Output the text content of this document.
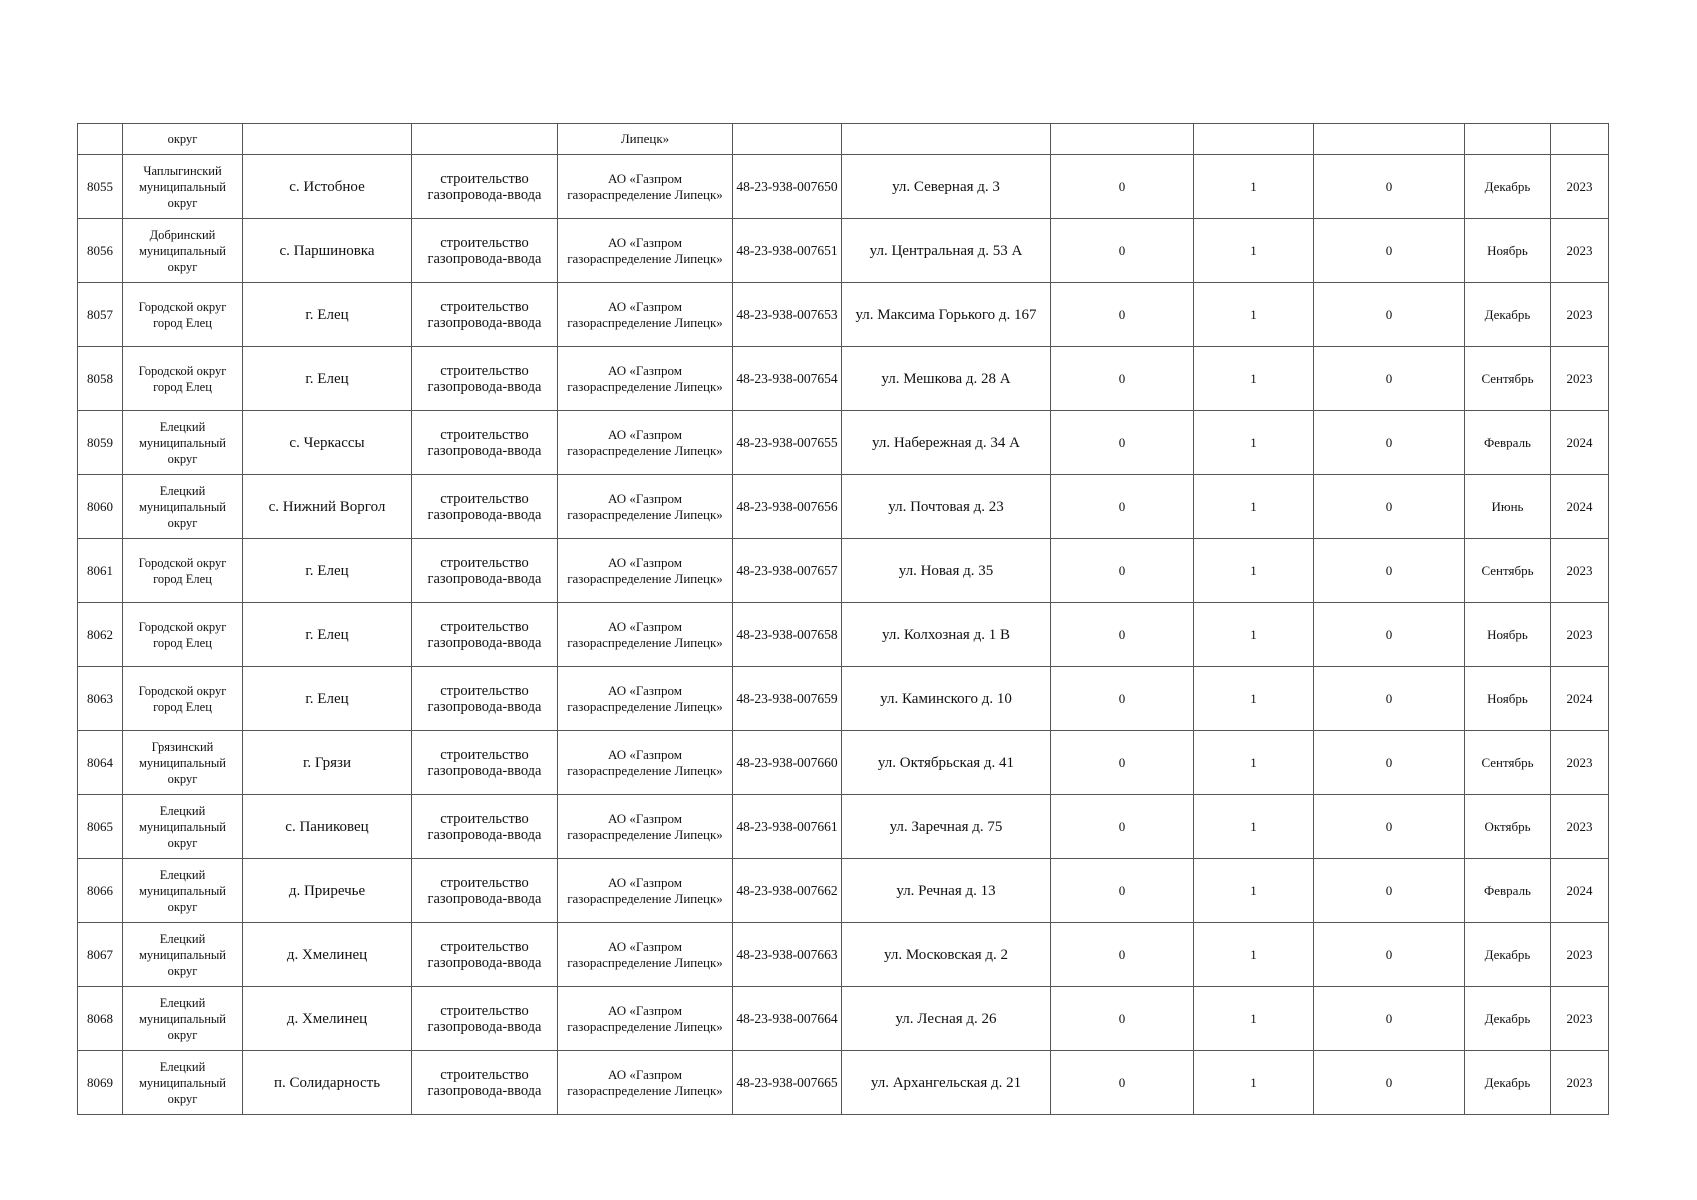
	округ			Липецк»							
8055	Чаплыгинский муниципальный округ	с. Истобное	строительство газопровода-ввода	АО «Газпром газораспределение Липецк»	48-23-938-007650	ул. Северная д. 3	0	1	0	Декабрь	2023
8056	Добринский муниципальный округ	с. Паршиновка	строительство газопровода-ввода	АО «Газпром газораспределение Липецк»	48-23-938-007651	ул. Центральная д. 53 А	0	1	0	Ноябрь	2023
8057	Городской округ город Елец	г. Елец	строительство газопровода-ввода	АО «Газпром газораспределение Липецк»	48-23-938-007653	ул. Максима Горького д. 167	0	1	0	Декабрь	2023
8058	Городской округ город Елец	г. Елец	строительство газопровода-ввода	АО «Газпром газораспределение Липецк»	48-23-938-007654	ул. Мешкова д. 28 А	0	1	0	Сентябрь	2023
8059	Елецкий муниципальный округ	с. Черкассы	строительство газопровода-ввода	АО «Газпром газораспределение Липецк»	48-23-938-007655	ул. Набережная д. 34 А	0	1	0	Февраль	2024
8060	Елецкий муниципальный округ	с. Нижний Воргол	строительство газопровода-ввода	АО «Газпром газораспределение Липецк»	48-23-938-007656	ул. Почтовая д. 23	0	1	0	Июнь	2024
8061	Городской округ город Елец	г. Елец	строительство газопровода-ввода	АО «Газпром газораспределение Липецк»	48-23-938-007657	ул. Новая д. 35	0	1	0	Сентябрь	2023
8062	Городской округ город Елец	г. Елец	строительство газопровода-ввода	АО «Газпром газораспределение Липецк»	48-23-938-007658	ул. Колхозная д. 1 В	0	1	0	Ноябрь	2023
8063	Городской округ город Елец	г. Елец	строительство газопровода-ввода	АО «Газпром газораспределение Липецк»	48-23-938-007659	ул. Каминского д. 10	0	1	0	Ноябрь	2024
8064	Грязинский муниципальный округ	г. Грязи	строительство газопровода-ввода	АО «Газпром газораспределение Липецк»	48-23-938-007660	ул. Октябрьская д. 41	0	1	0	Сентябрь	2023
8065	Елецкий муниципальный округ	с. Паниковец	строительство газопровода-ввода	АО «Газпром газораспределение Липецк»	48-23-938-007661	ул. Заречная д. 75	0	1	0	Октябрь	2023
8066	Елецкий муниципальный округ	д. Приречье	строительство газопровода-ввода	АО «Газпром газораспределение Липецк»	48-23-938-007662	ул. Речная д. 13	0	1	0	Февраль	2024
8067	Елецкий муниципальный округ	д. Хмелинец	строительство газопровода-ввода	АО «Газпром газораспределение Липецк»	48-23-938-007663	ул. Московская д. 2	0	1	0	Декабрь	2023
8068	Елецкий муниципальный округ	д. Хмелинец	строительство газопровода-ввода	АО «Газпром газораспределение Липецк»	48-23-938-007664	ул. Лесная д. 26	0	1	0	Декабрь	2023
8069	Елецкий муниципальный округ	п. Солидарность	строительство газопровода-ввода	АО «Газпром газораспределение Липецк»	48-23-938-007665	ул. Архангельская д. 21	0	1	0	Декабрь	2023
